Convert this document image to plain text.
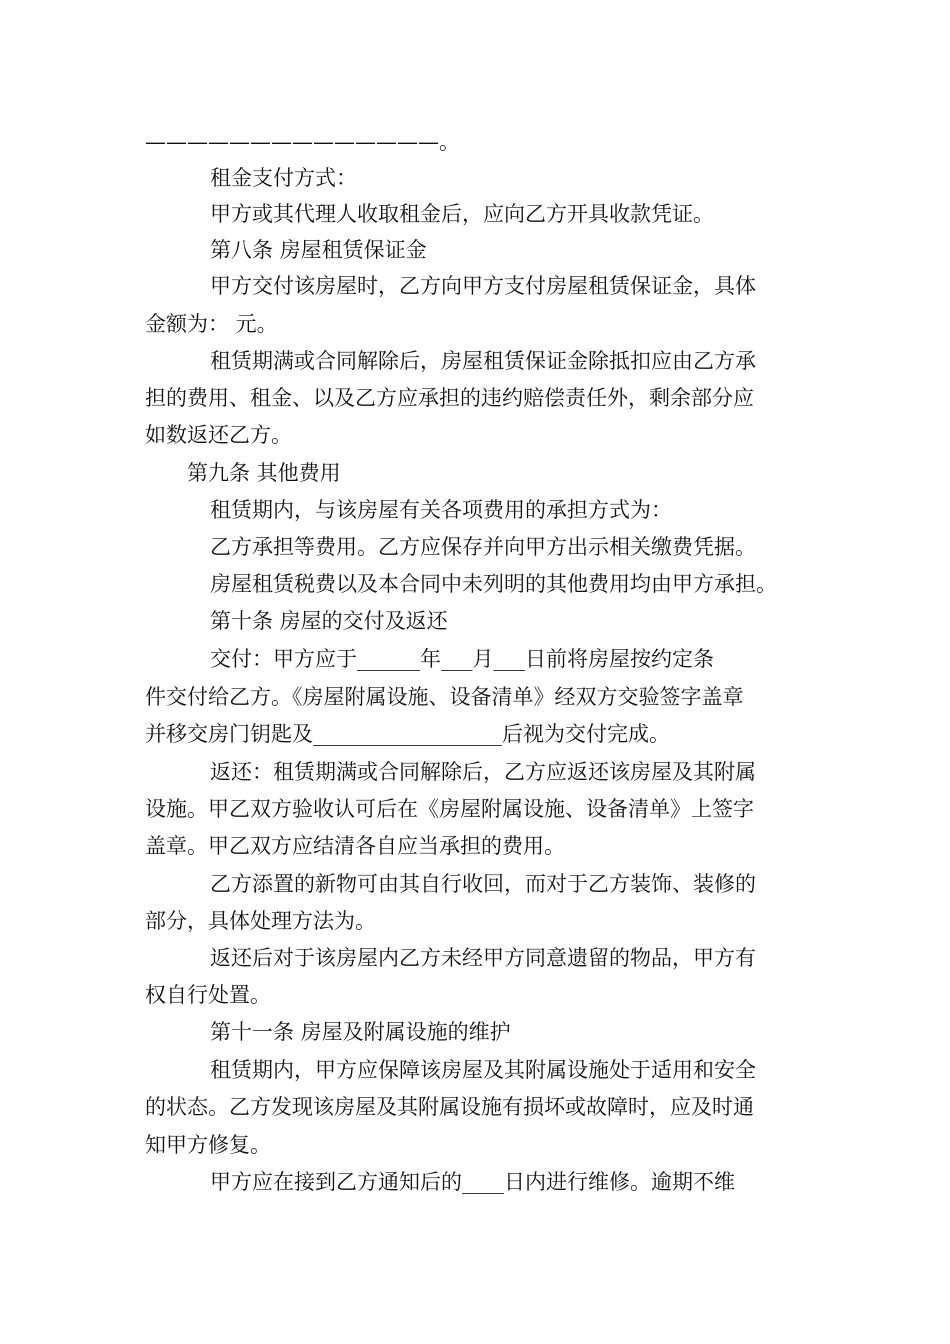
——————————————。
租金支付方式：
甲方或其代理人收取租金后，应向乙方开具收款凭证。
第八条 房屋租赁保证金
甲方交付该房屋时，乙方向甲方支付房屋租赁保证金，具体
金额为： 元。
租赁期满或合同解除后，房屋租赁保证金除抵扣应由乙方承
担的费用、租金、以及乙方应承担的违约赔偿责任外，剩余部分应
如数返还乙方。
第九条 其他费用
租赁期内，与该房屋有关各项费用的承担方式为：
乙方承担等费用。乙方应保存并向甲方出示相关缴费凭据。
房屋租赁税费以及本合同中未列明的其他费用均由甲方承担。
第十条 房屋的交付及返还
交付：甲方应于______年___月___日前将房屋按约定条
件交付给乙方。《房屋附属设施、设备清单》经双方交验签字盖章
并移交房门钥匙及__________________后视为交付完成。
返还：租赁期满或合同解除后，乙方应返还该房屋及其附属
设施。甲乙双方验收认可后在《房屋附属设施、设备清单》上签字
盖章。甲乙双方应结清各自应当承担的费用。
乙方添置的新物可由其自行收回，而对于乙方装饰、装修的
部分，具体处理方法为。
返还后对于该房屋内乙方未经甲方同意遗留的物品，甲方有
权自行处置。
第十一条 房屋及附属设施的维护
租赁期内，甲方应保障该房屋及其附属设施处于适用和安全
的状态。乙方发现该房屋及其附属设施有损坏或故障时，应及时通
知甲方修复。
甲方应在接到乙方通知后的____日内进行维修。逾期不维
